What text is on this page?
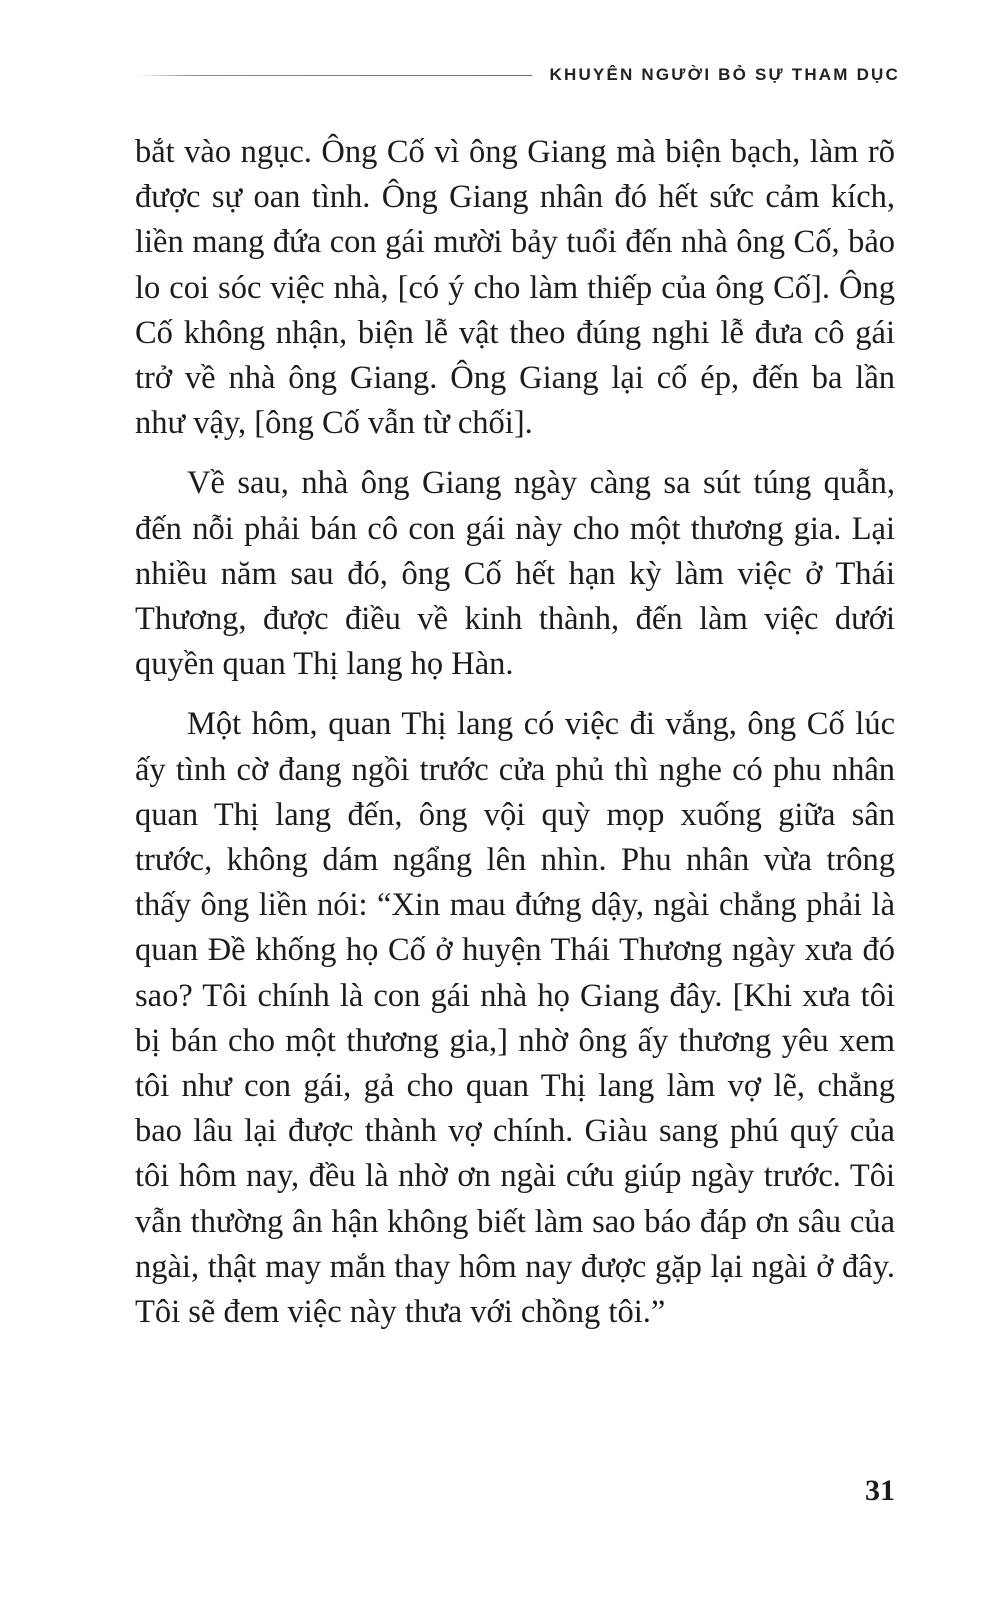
KHUYÊN NGƯỜI BỎ SỰ THAM DỤC

bắt vào ngục. Ông Cố vì ông Giang mà biện bạch, làm rõ được sự oan tình. Ông Giang nhân đó hết sức cảm kích, liền mang đứa con gái mười bảy tuổi đến nhà ông Cố, bảo lo coi sóc việc nhà, [có ý cho làm thiếp của ông Cố]. Ông Cố không nhận, biện lễ vật theo đúng nghi lễ đưa cô gái trở về nhà ông Giang. Ông Giang lại cố ép, đến ba lần như vậy, [ông Cố vẫn từ chối].

Về sau, nhà ông Giang ngày càng sa sút túng quẫn, đến nỗi phải bán cô con gái này cho một thương gia. Lại nhiều năm sau đó, ông Cố hết hạn kỳ làm việc ở Thái Thương, được điều về kinh thành, đến làm việc dưới quyền quan Thị lang họ Hàn.

Một hôm, quan Thị lang có việc đi vắng, ông Cố lúc ấy tình cờ đang ngồi trước cửa phủ thì nghe có phu nhân quan Thị lang đến, ông vội quỳ mọp xuống giữa sân trước, không dám ngẩng lên nhìn. Phu nhân vừa trông thấy ông liền nói: “Xin mau đứng dậy, ngài chẳng phải là quan Đề khống họ Cố ở huyện Thái Thương ngày xưa đó sao? Tôi chính là con gái nhà họ Giang đây. [Khi xưa tôi bị bán cho một thương gia,] nhờ ông ấy thương yêu xem tôi như con gái, gả cho quan Thị lang làm vợ lẽ, chẳng bao lâu lại được thành vợ chính. Giàu sang phú quý của tôi hôm nay, đều là nhờ ơn ngài cứu giúp ngày trước. Tôi vẫn thường ân hận không biết làm sao báo đáp ơn sâu của ngài, thật may mắn thay hôm nay được gặp lại ngài ở đây. Tôi sẽ đem việc này thưa với chồng tôi.”

31
